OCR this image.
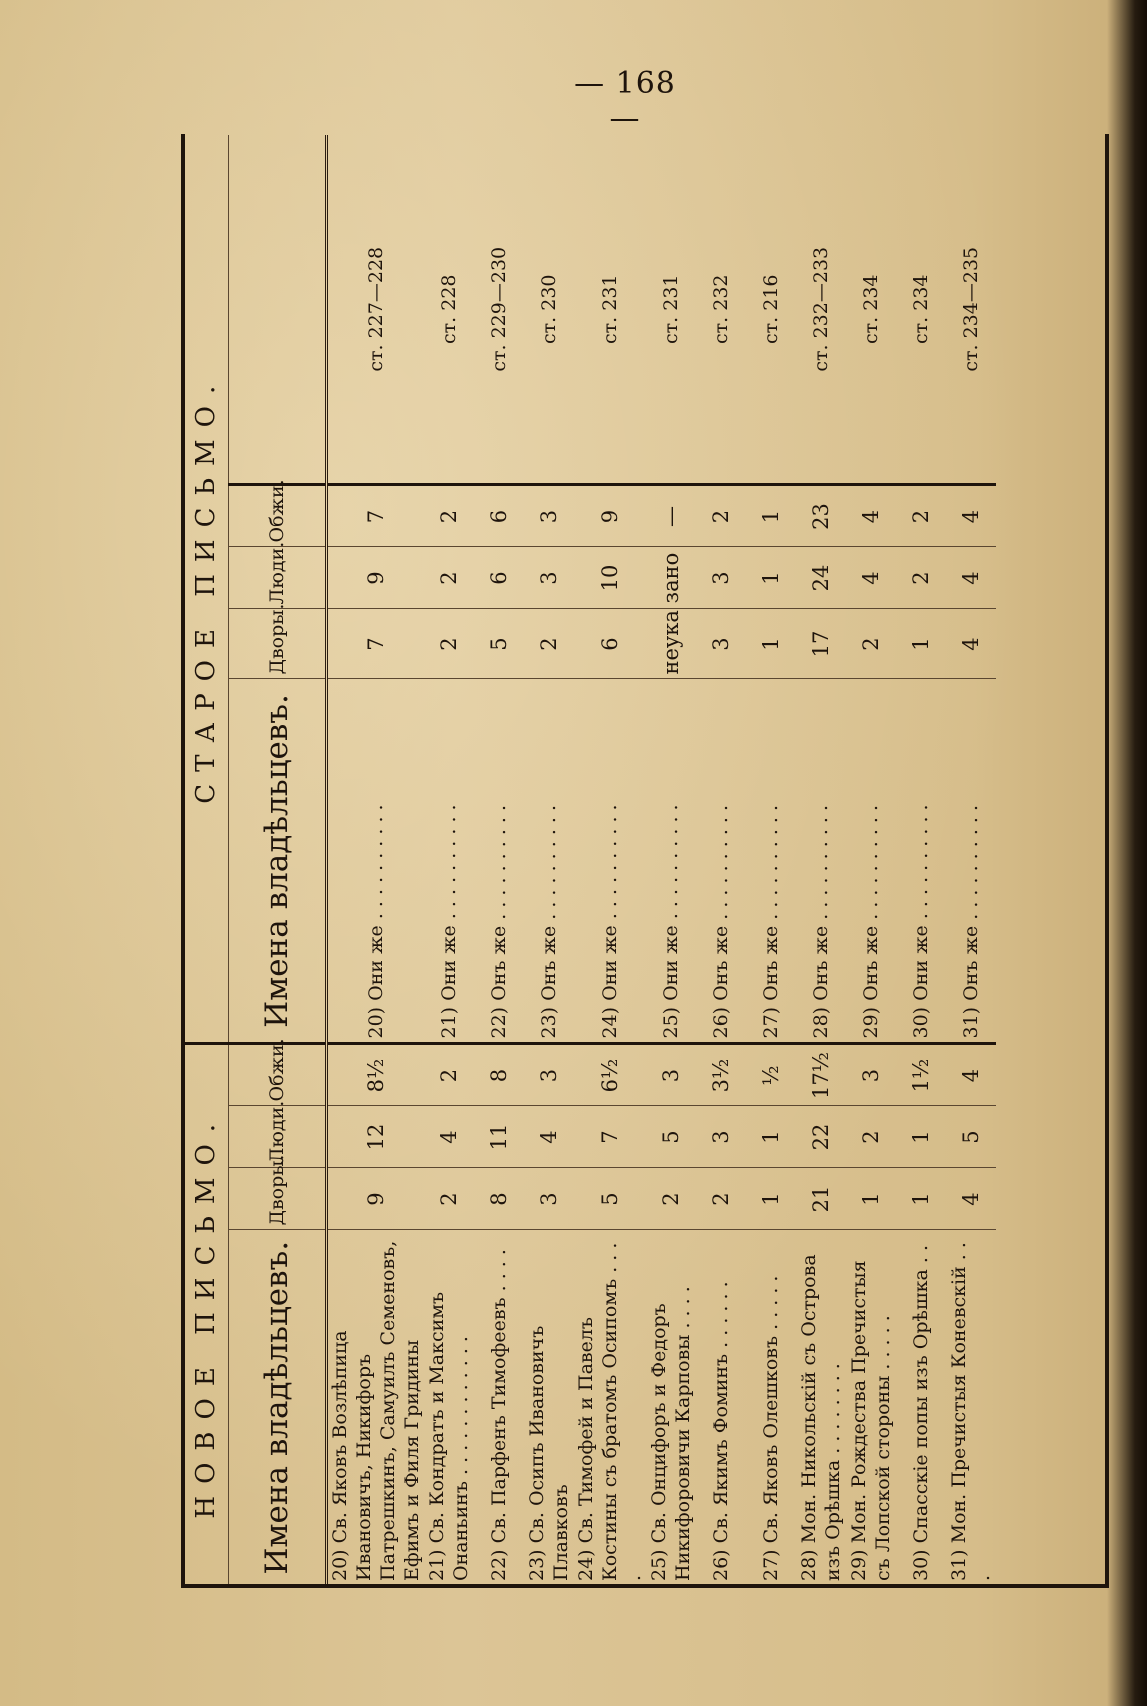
— 168 —
НОВОЕ ПИСЬМО.				СТАРОЕ ПИСЬМО.				
Имена владѣльцевъ.	Дворы.	Люди.	Обжи.	Имена владѣльцевъ.	Дворы.	Люди.	Обжи.	
20) Св. Яковъ Возлѣпица Ивановичъ, Никифоръ Патрешкинъ, Самуилъ Семеновъ, Ефимъ и Филя Гридины	9	12	8½	20) Они же . . . . . . . . . .	7	9	7	ст. 227—228
21) Св. Кондратъ и Максимъ Онаньинъ . . . . . . . . . . . .	2	4	2	21) Они же . . . . . . . . . .	2	2	2	ст. 228
22) Св. Парфенъ Тимофеевъ . . . .	8	11	8	22) Онъ же . . . . . . . . . .	5	6	6	ст. 229—230
23) Св. Осипъ Ивановичъ Плавковъ	3	4	3	23) Онъ же . . . . . . . . . .	2	3	3	ст. 230
24) Св. Тимофей и Павелъ Костины съ братомъ Осипомъ . . . .	5	7	6½	24) Они же . . . . . . . . . .	6	10	9	ст. 231
25) Св. Онцифоръ и Федоръ Никифоровичи Карповы . . . .	2	5	3	25) Они же . . . . . . . . . .	неука	зано	—	ст. 231
26) Св. Якимъ Фоминъ . . . . . .	2	3	3½	26) Онъ же . . . . . . . . . .	3	3	2	ст. 232
27) Св. Яковъ Олешковъ . . . . .	1	1	½	27) Онъ же . . . . . . . . . .	1	1	1	ст. 216
28) Мон. Никольскій съ Острова изъ Орѣшка . . . . . . . .	21	22	17½	28) Онъ же . . . . . . . . . .	17	24	23	ст. 232—233
29) Мон. Рождества Пречистыя съ Лопской стороны . . . . .	1	2	3	29) Онъ же . . . . . . . . . .	2	4	4	ст. 234
30) Спасскіе попы изъ Орѣшка . .	1	1	1½	30) Они же . . . . . . . . . .	1	2	2	ст. 234
31) Мон. Пречистыя Коневскій . . .	4	5	4	31) Онъ же . . . . . . . . . .	4	4	4	ст. 234—235
